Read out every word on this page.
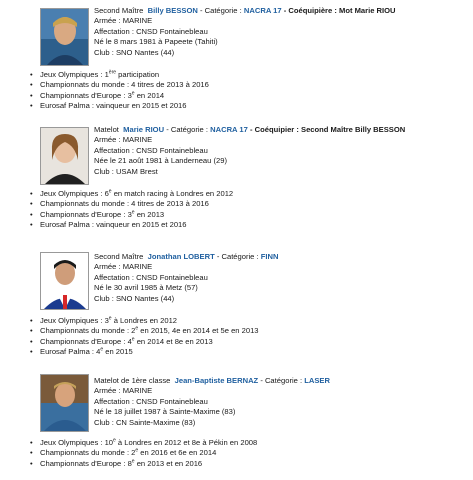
Second Maître Billy BESSON - Catégorie : NACRA 17 - Coéquipière : Mot Marie RIOU
Armée : MARINE
Affectation : CNSD Fontainebleau
Né le 8 mars 1981 à Papeete (Tahiti)
Club : SNO Nantes (44)
• Jeux Olympiques : 1ère participation
• Championnats du monde : 4 titres de 2013 à 2016
• Championnats d'Europe : 3e en 2014
• Eurosaf Palma : vainqueur en 2015 et 2016
Matelot Marie RIOU - Catégorie : NACRA 17 - Coéquipier : Second Maître Billy BESSON
Armée : MARINE
Affectation : CNSD Fontainebleau
Née le 21 août 1981 à Landerneau (29)
Club : USAM Brest
• Jeux Olympiques : 6e en match racing à Londres en 2012
• Championnats du monde : 4 titres de 2013 à 2016
• Championnats d'Europe : 3e en 2013
• Eurosaf Palma : vainqueur en 2015 et 2016
Second Maître Jonathan LOBERT - Catégorie : FINN
Armée : MARINE
Affectation : CNSD Fontainebleau
Né le 30 avril 1985 à Metz (57)
Club : SNO Nantes (44)
• Jeux Olympiques : 3e à Londres en 2012
• Championnats du monde : 2e en 2015, 4e en 2014 et 5e en 2013
• Championnats d'Europe : 4e en 2014 et 8e en 2013
• Eurosaf Palma : 4e en 2015
Matelot de 1ère classe Jean-Baptiste BERNAZ - Catégorie : LASER
Armée : MARINE
Affectation : CNSD Fontainebleau
Né le 18 juillet 1987 à Sainte-Maxime (83)
Club : CN Sainte-Maxime (83)
• Jeux Olympiques : 10e à Londres en 2012 et 8e à Pékin en 2008
• Championnats du monde : 2e en 2016 et 6e en 2014
• Championnats d'Europe : 8e en 2013 et en 2016
